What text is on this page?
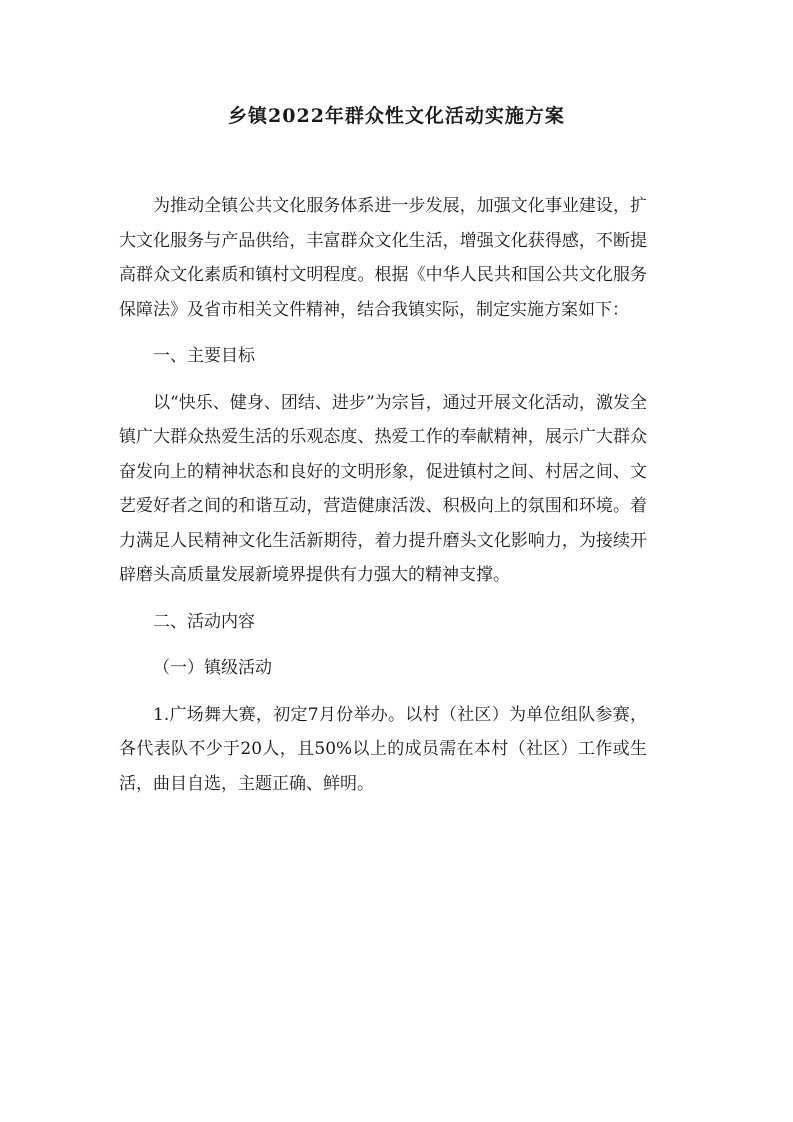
乡镇2022年群众性文化活动实施方案

为推动全镇公共文化服务体系进一步发展，加强文化事业建设，扩大文化服务与产品供给，丰富群众文化生活，增强文化获得感，不断提高群众文化素质和镇村文明程度。根据《中华人民共和国公共文化服务保障法》及省市相关文件精神，结合我镇实际，制定实施方案如下：

一、主要目标

以“快乐、健身、团结、进步”为宗旨，通过开展文化活动，激发全镇广大群众热爱生活的乐观态度、热爱工作的奉献精神，展示广大群众奋发向上的精神状态和良好的文明形象，促进镇村之间、村居之间、文艺爱好者之间的和谐互动，营造健康活泼、积极向上的氛围和环境。着力满足人民精神文化生活新期待，着力提升磨头文化影响力，为接续开辟磨头高质量发展新境界提供有力强大的精神支撑。

二、活动内容

（一）镇级活动

1.广场舞大赛，初定7月份举办。以村（社区）为单位组队参赛，各代表队不少于20人，且50%以上的成员需在本村（社区）工作或生活，曲目自选，主题正确、鲜明。
